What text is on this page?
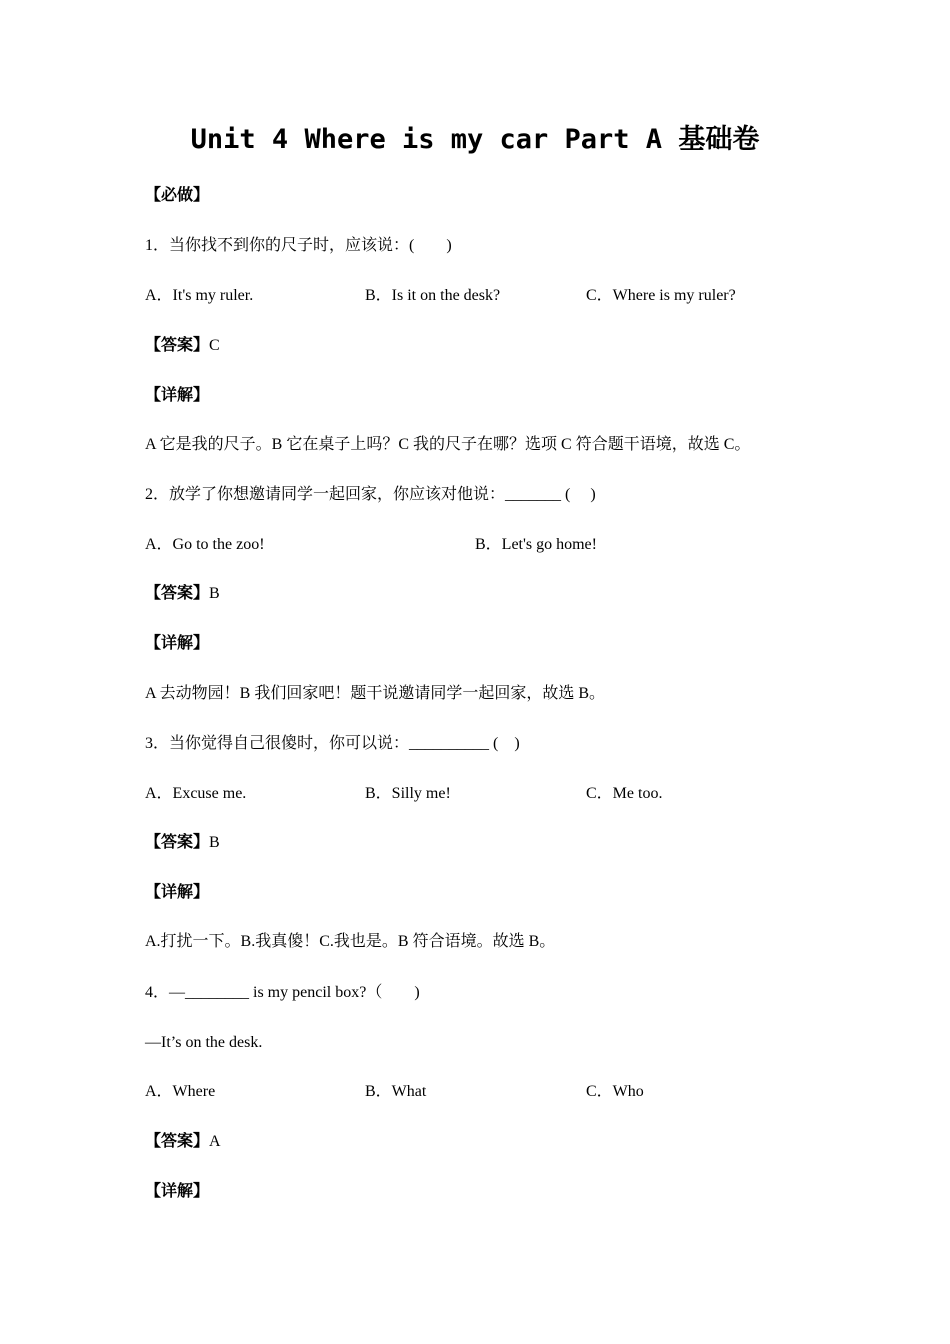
Unit 4 Where is my car Part A 基础卷
【必做】
1．当你找不到你的尺子时，应该说：(　　)
A．It's my ruler.	B．Is it on the desk?	C．Where is my ruler?
【答案】C
【详解】
A 它是我的尺子。B 它在桌子上吗？C 我的尺子在哪？选项 C 符合题干语境，故选 C。
2．放学了你想邀请同学一起回家，你应该对他说：_______ (　 )
A．Go to the zoo!	B．Let's go home!
【答案】B
【详解】
A 去动物园！B 我们回家吧！题干说邀请同学一起回家，故选 B。
3．当你觉得自己很傻时，你可以说：__________ (　)
A．Excuse me.	B．Silly me!	C．Me too.
【答案】B
【详解】
A.打扰一下。B.我真傻！C.我也是。B 符合语境。故选 B。
4．—________ is my pencil box?（　　)
—It’s on the desk.
A．Where	B．What	C．Who
【答案】A
【详解】
